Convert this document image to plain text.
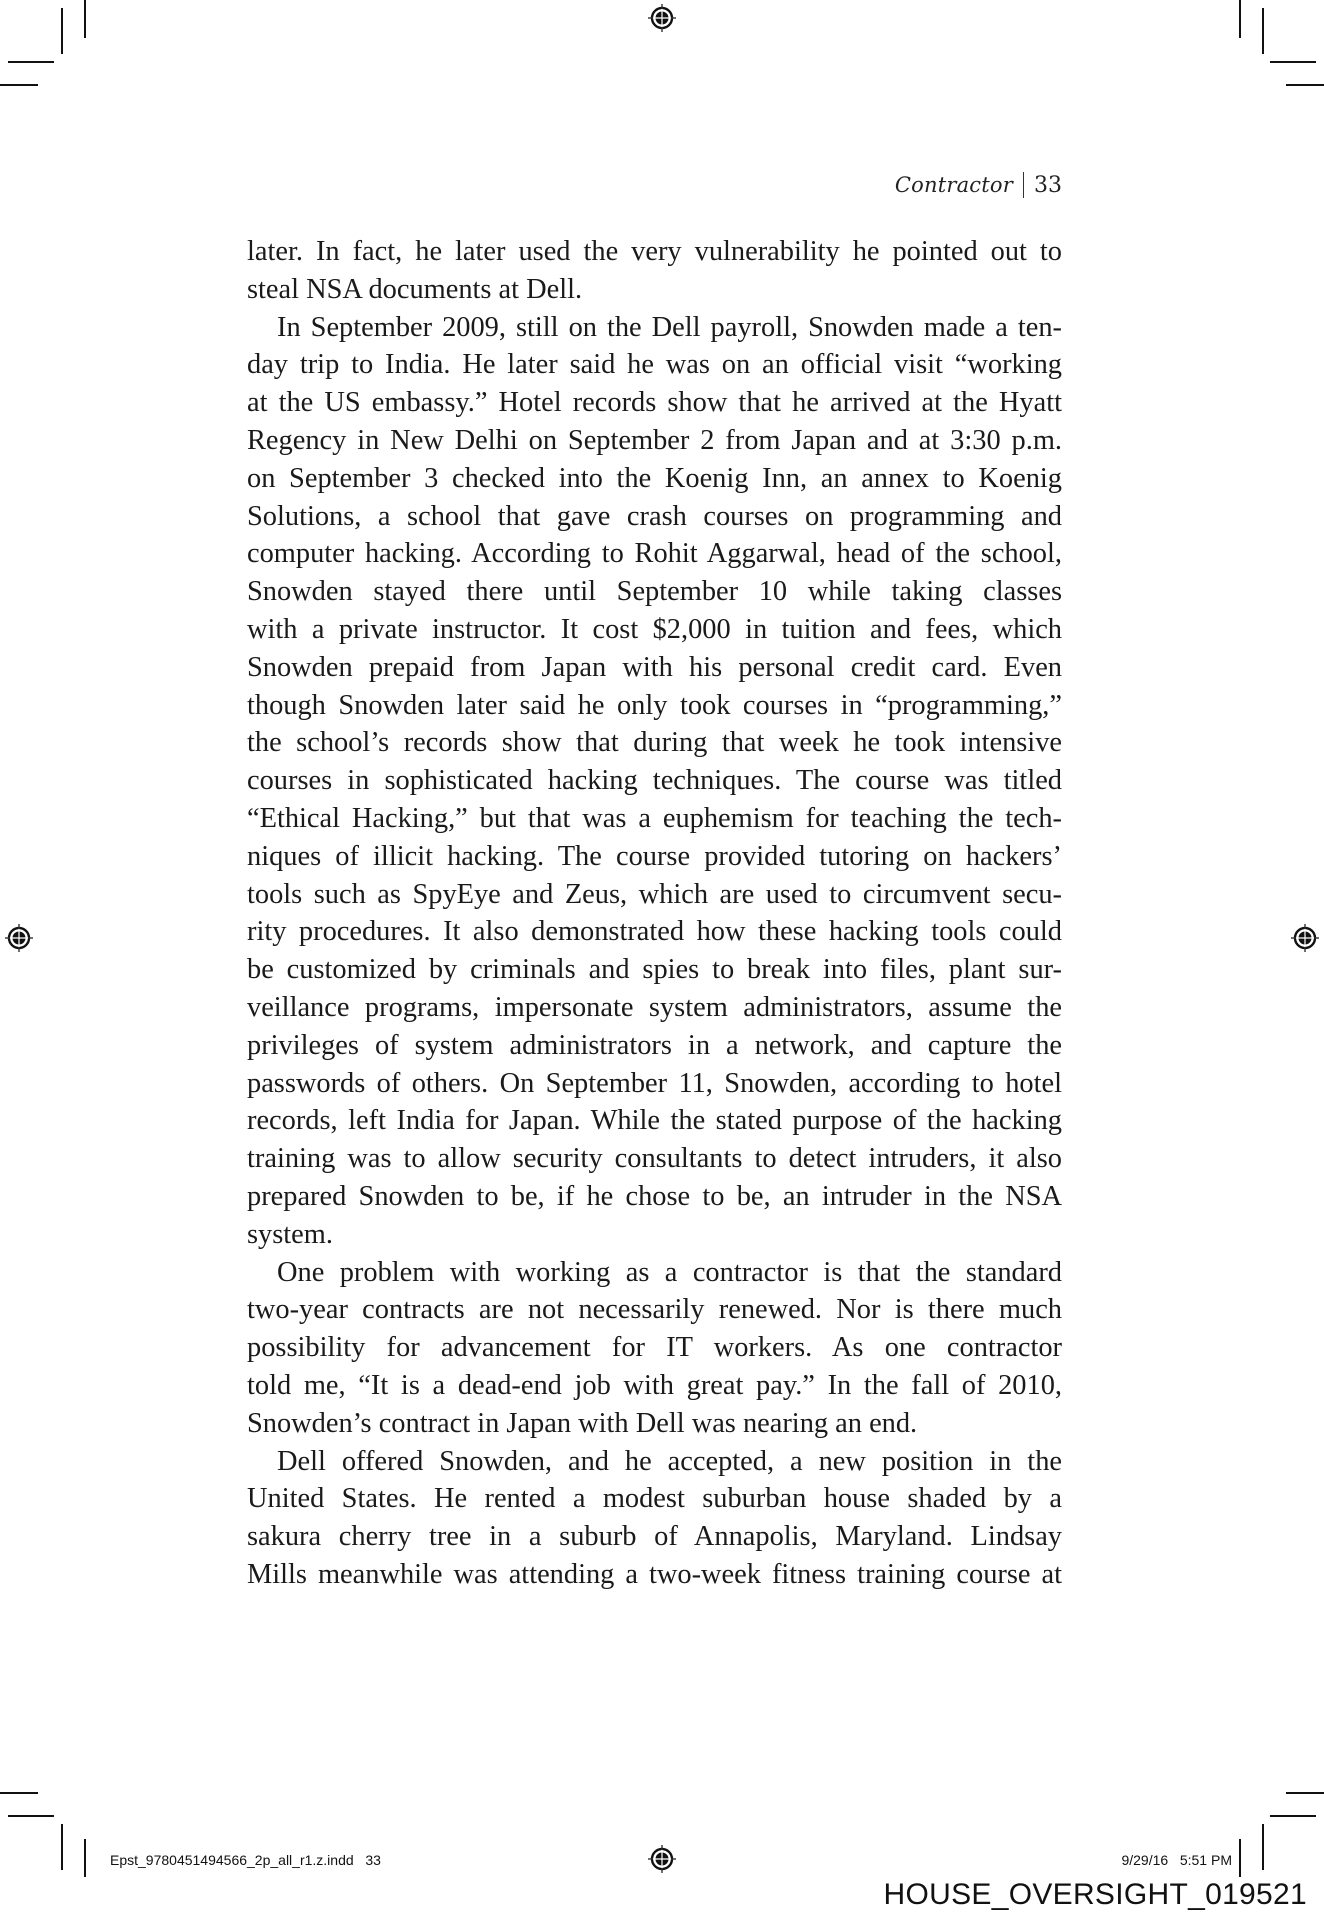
Contractor 33
later. In fact, he later used the very vulnerability he pointed out to
steal NSA documents at Dell.
In September 2009, still on the Dell payroll, Snowden made a ten-
day trip to India. He later said he was on an official visit “working
at the US embassy.” Hotel records show that he arrived at the Hyatt
Regency in New Delhi on September 2 from Japan and at 3:30 p.m.
on September 3 checked into the Koenig Inn, an annex to Koenig
Solutions, a school that gave crash courses on programming and
computer hacking. According to Rohit Aggarwal, head of the school,
Snowden stayed there until September 10 while taking classes
with a private instructor. It cost $2,000 in tuition and fees, which
Snowden prepaid from Japan with his personal credit card. Even
though Snowden later said he only took courses in “programming,”
the school’s records show that during that week he took intensive
courses in sophisticated hacking techniques. The course was titled
“Ethical Hacking,” but that was a euphemism for teaching the tech-
niques of illicit hacking. The course provided tutoring on hackers’
tools such as SpyEye and Zeus, which are used to circumvent secu-
rity procedures. It also demonstrated how these hacking tools could
be customized by criminals and spies to break into files, plant sur-
veillance programs, impersonate system administrators, assume the
privileges of system administrators in a network, and capture the
passwords of others. On September 11, Snowden, according to hotel
records, left India for Japan. While the stated purpose of the hacking
training was to allow security consultants to detect intruders, it also
prepared Snowden to be, if he chose to be, an intruder in the NSA
system.
One problem with working as a contractor is that the standard
two-year contracts are not necessarily renewed. Nor is there much
possibility for advancement for IT workers. As one contractor
told me, “It is a dead-end job with great pay.” In the fall of 2010,
Snowden’s contract in Japan with Dell was nearing an end.
Dell offered Snowden, and he accepted, a new position in the
United States. He rented a modest suburban house shaded by a
sakura cherry tree in a suburb of Annapolis, Maryland. Lindsay
Mills meanwhile was attending a two-week fitness training course at
Epst_9780451494566_2p_all_r1.z.indd   33	9/29/16   5:51 PM
HOUSE_OVERSIGHT_019521
